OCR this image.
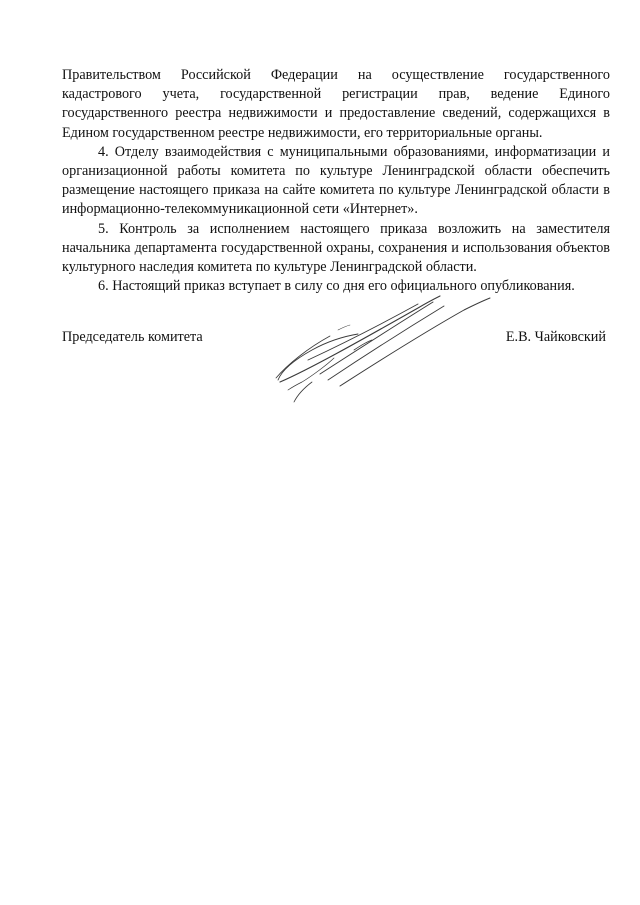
Правительством Российской Федерации на осуществление государственного кадастрового учета, государственной регистрации прав, ведение Единого государственного реестра недвижимости и предоставление сведений, содержащихся в Едином государственном реестре недвижимости, его территориальные органы.

4. Отделу взаимодействия с муниципальными образованиями, информатизации и организационной работы комитета по культуре Ленинградской области обеспечить размещение настоящего приказа на сайте комитета по культуре Ленинградской области в информационно-телекоммуникационной сети «Интернет».

5. Контроль за исполнением настоящего приказа возложить на заместителя начальника департамента государственной охраны, сохранения и использования объектов культурного наследия комитета по культуре Ленинградской области.

6. Настоящий приказ вступает в силу со дня его официального опубликования.

Председатель комитета	Е.В. Чайковский
